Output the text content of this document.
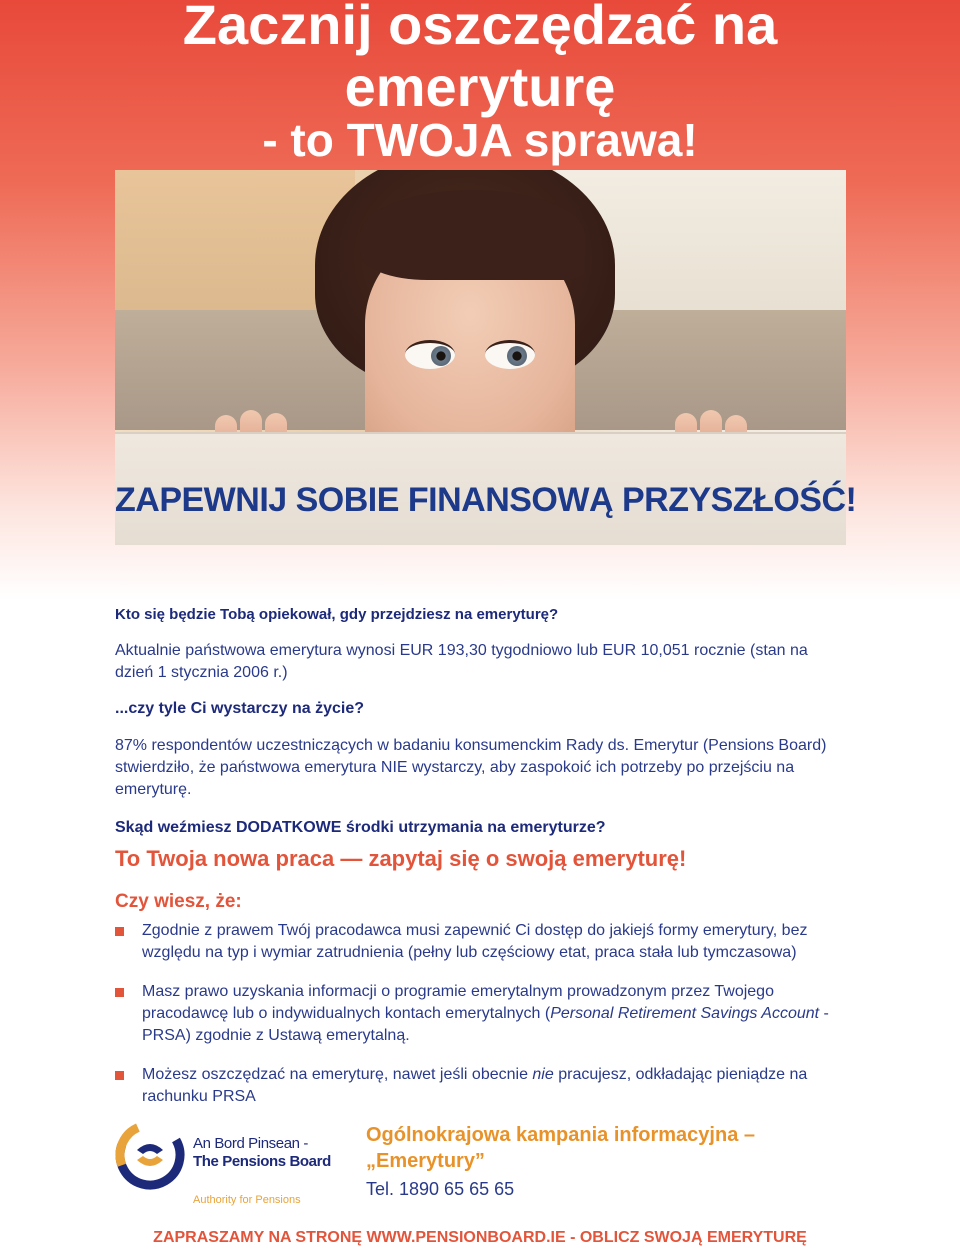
Zacznij oszczędzać na
emeryturę
- to TWOJA sprawa!
ZAPEWNIJ SOBIE FINANSOWĄ PRZYSZŁOŚĆ!

Kto się będzie Tobą opiekował, gdy przejdziesz na emeryturę?

Aktualnie państwowa emerytura wynosi EUR 193,30 tygodniowo lub EUR 10,051 rocznie (stan na dzień 1 stycznia 2006 r.)

...czy tyle Ci wystarczy na życie?

87% respondentów uczestniczących w badaniu konsumenckim Rady ds. Emerytur (Pensions Board) stwierdziło, że państwowa emerytura NIE wystarczy, aby zaspokoić ich potrzeby po przejściu na emeryturę.

Skąd weźmiesz DODATKOWE środki utrzymania na emeryturze?

To Twoja nowa praca — zapytaj się o swoją emeryturę!
Czy wiesz, że:
Zgodnie z prawem Twój pracodawca musi zapewnić Ci dostęp do jakiejś formy emerytury, bez względu na typ i wymiar zatrudnienia (pełny lub częściowy etat, praca stała lub tymczasowa)
Masz prawo uzyskania informacji o programie emerytalnym prowadzonym przez Twojego pracodawcę lub o indywidualnych kontach emerytalnych (Personal Retirement Savings Account - PRSA) zgodnie z Ustawą emerytalną.
Możesz oszczędzać na emeryturę, nawet jeśli obecnie nie pracujesz, odkładając pieniądze na rachunku PRSA
An Bord Pinsean -
The Pensions Board
Authority for Pensions

Ogólnokrajowa kampania informacyjna –

„Emerytury”

Tel. 1890 65 65 65

ZAPRASZAMY NA STRONĘ WWW.PENSIONBOARD.IE - OBLICZ SWOJĄ EMERYTURĘ
